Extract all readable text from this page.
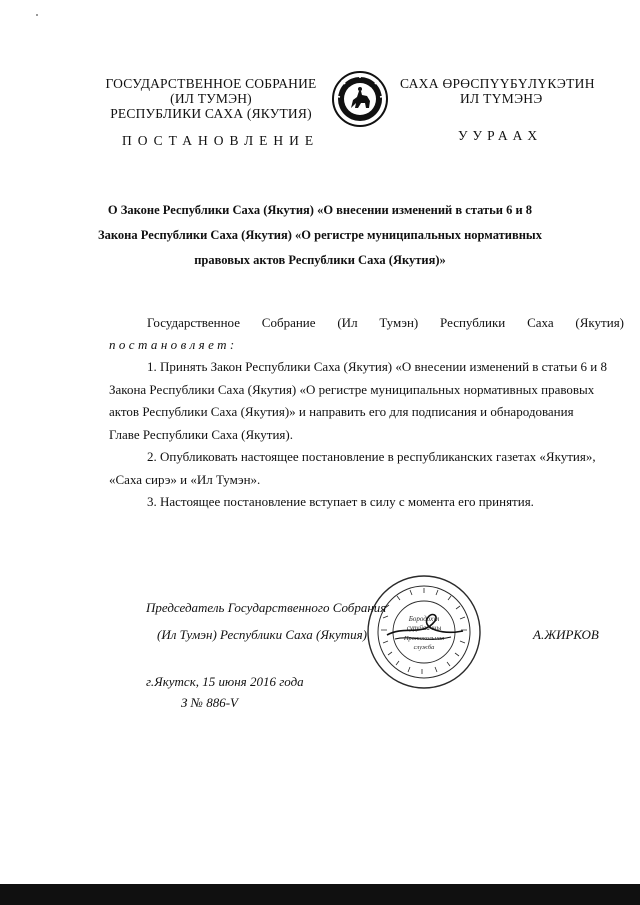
ГОСУДАРСТВЕННОЕ СОБРАНИЕ
(ИЛ ТУМЭН)
РЕСПУБЛИКИ САХА (ЯКУТИЯ)
САХА ӨРӨСПҮҮБҮЛҮКЭТИН
ИЛ ТҮМЭНЭ
ПОСТАНОВЛЕНИЕ	УУРААХ
О Законе Республики Саха (Якутия) «О внесении изменений в статьи 6 и 8
Закона Республики Саха (Якутия) «О регистре муниципальных нормативных
правовых актов Республики Саха (Якутия)»
Государственное Собрание (Ил Тумэн) Республики Саха (Якутия)
постановляет:
1. Принять Закон Республики Саха (Якутия) «О внесении изменений в статьи 6 и 8
Закона Республики Саха (Якутия) «О регистре муниципальных нормативных правовых
актов Республики Саха (Якутия)» и направить его для подписания и обнародования
Главе Республики Саха (Якутия).
2. Опубликовать настоящее постановление в республиканских газетах «Якутия»,
«Саха сирэ» и «Ил Тумэн».
3. Настоящее постановление вступает в силу с момента его принятия.
Бородохул
суруйааччы
Протокольная
служба
Председатель Государственного Собрания
(Ил Тумэн) Республики Саха (Якутия)	А.ЖИРКОВ
г.Якутск, 15 июня 2016 года
З № 886-V
